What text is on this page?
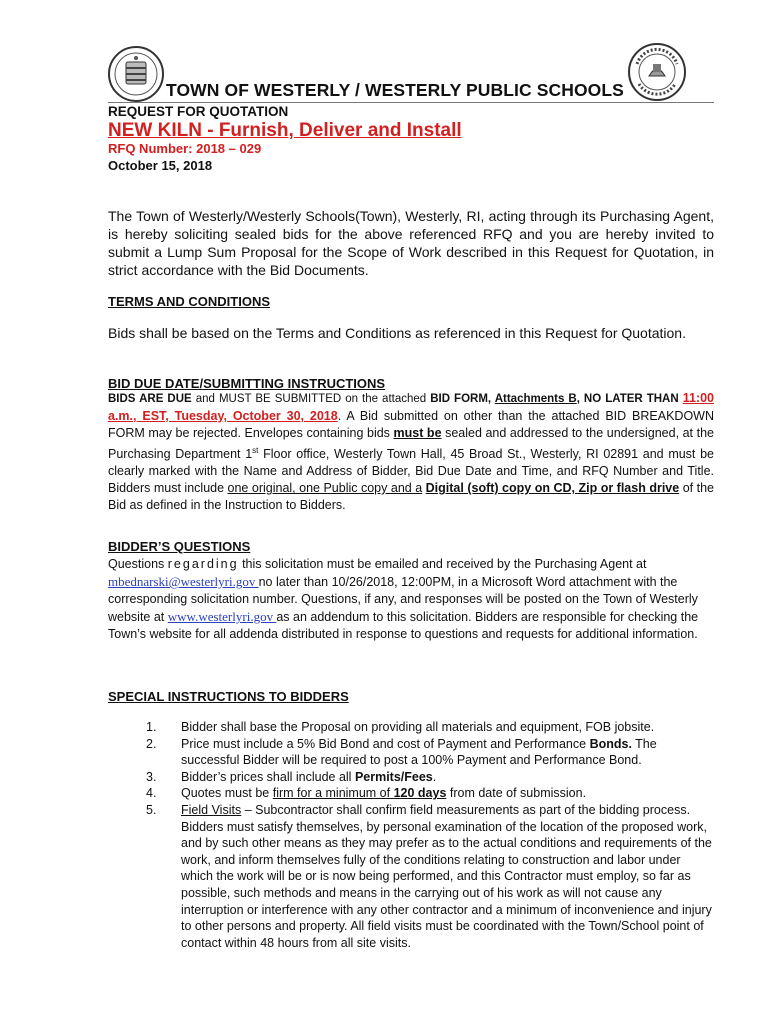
TOWN OF WESTERLY / WESTERLY PUBLIC SCHOOLS
REQUEST FOR QUOTATION
NEW KILN - Furnish, Deliver and Install
RFQ Number: 2018 – 029
October 15, 2018
The Town of Westerly/Westerly Schools(Town), Westerly, RI, acting through its Purchasing Agent, is hereby soliciting sealed bids for the above referenced RFQ and you are hereby invited to submit a Lump Sum Proposal for the Scope of Work described in this Request for Quotation, in strict accordance with the Bid Documents.
TERMS AND CONDITIONS
Bids shall be based on the Terms and Conditions as referenced in this Request for Quotation.
BID DUE DATE/SUBMITTING INSTRUCTIONS
BIDS ARE DUE and MUST BE SUBMITTED on the attached BID FORM, Attachments B, NO LATER THAN 11:00 a.m., EST, Tuesday, October 30, 2018. A Bid submitted on other than the attached BID BREAKDOWN FORM may be rejected. Envelopes containing bids must be sealed and addressed to the undersigned, at the Purchasing Department 1st Floor office, Westerly Town Hall, 45 Broad St., Westerly, RI 02891 and must be clearly marked with the Name and Address of Bidder, Bid Due Date and Time, and RFQ Number and Title. Bidders must include one original, one Public copy and a Digital (soft) copy on CD, Zip or flash drive of the Bid as defined in the Instruction to Bidders.
BIDDER’S QUESTIONS
Questions regarding this solicitation must be emailed and received by the Purchasing Agent at mbednarski@westerlyri.gov no later than 10/26/2018, 12:00PM, in a Microsoft Word attachment with the corresponding solicitation number. Questions, if any, and responses will be posted on the Town of Westerly website at www.westerlyri.gov as an addendum to this solicitation. Bidders are responsible for checking the Town’s website for all addenda distributed in response to questions and requests for additional information.
SPECIAL INSTRUCTIONS TO BIDDERS
1.	Bidder shall base the Proposal on providing all materials and equipment, FOB jobsite.
2.	Price must include a 5% Bid Bond and cost of Payment and Performance Bonds. The successful Bidder will be required to post a 100% Payment and Performance Bond.
3.	Bidder’s prices shall include all Permits/Fees.
4.	Quotes must be firm for a minimum of 120 days from date of submission.
5.	Field Visits – Subcontractor shall confirm field measurements as part of the bidding process. Bidders must satisfy themselves, by personal examination of the location of the proposed work, and by such other means as they may prefer as to the actual conditions and requirements of the work, and inform themselves fully of the conditions relating to construction and labor under which the work will be or is now being performed, and this Contractor must employ, so far as possible, such methods and means in the carrying out of his work as will not cause any interruption or interference with any other contractor and a minimum of inconvenience and injury to other persons and property. All field visits must be coordinated with the Town/School point of contact within 48 hours from all site visits.
